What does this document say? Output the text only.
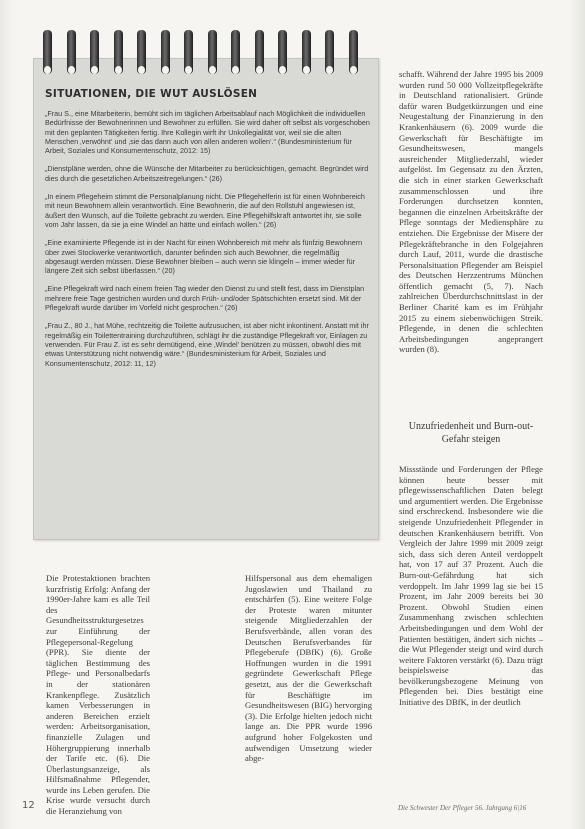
SITUATIONEN, DIE WUT AUSLÖSEN

„Frau S., eine Mitarbeiterin, bemüht sich im täglichen Arbeitsablauf nach Möglichkeit die individuellen Bedürfnisse der Bewohnerinnen und Bewohner zu erfüllen. Sie wird daher oft selbst als vorgeschoben mit den geplanten Tätigkeiten fertig. Ihre Kollegin wirft ihr Unkollegialität vor, weil sie die alten Menschen ‚verwöhnt‘ und ‚sie das dann auch von allen anderen wollen‘.“ (Bundesministerium für Arbeit, Soziales und Konsumentenschutz, 2012: 15)

„Dienstpläne werden, ohne die Wünsche der Mitarbeiter zu berücksichtigen, gemacht. Begründet wird dies durch die gesetzlichen Arbeitszeitregelungen.“ (26)

„In einem Pflegeheim stimmt die Personalplanung nicht. Die Pflegehelferin ist für einen Wohnbereich mit neun Bewohnern allein verantwortlich. Eine Bewohnerin, die auf den Rollstuhl angewiesen ist, äußert den Wunsch, auf die Toilette gebracht zu werden. Eine Pflegehilfskraft antwortet ihr, sie solle vom Jahr lassen, da sie ja eine Windel an hätte und einfach wollen.“ (26)

„Eine examinierte Pflegende ist in der Nacht für einen Wohnbereich mit mehr als fünfzig Bewohnern über zwei Stockwerke verantwortlich, darunter befinden sich auch Bewohner, die regelmäßig abgesaugt werden müssen. Diese Bewohner bleiben – auch wenn sie klingeln – immer wieder für längere Zeit sich selbst überlassen.“ (20)

„Eine Pflegekraft wird nach einem freien Tag wieder den Dienst zu und stellt fest, dass im Dienstplan mehrere freie Tage gestrichen wurden und durch Früh- und/oder Spätschichten ersetzt sind. Mit der Pflegekraft wurde darüber im Vorfeld nicht gesprochen.“ (26)

„Frau Z., 80 J., hat Mühe, rechtzeitig die Toilette aufzusuchen, ist aber nicht inkontinent. Anstatt mit ihr regelmäßig ein Toilettentraining durchzuführen, schlägt ihr die zuständige Pflegekraft vor, Einlagen zu verwenden. Für Frau Z. ist es sehr demütigend, eine ‚Windel‘ benützen zu müssen, obwohl dies mit etwas Unterstützung nicht notwendig wäre.“ (Bundesministerium für Arbeit, Soziales und Konsumentenschutz, 2012: 11, 12)

Die Protestaktionen brachten kurzfristig Erfolg: Anfang der 1990er-Jahre kam es alle Teil des Gesundheitsstrukturgesetzes zur Einführung der Pflegepersonal-Regelung (PPR). Sie diente der täglichen Bestimmung des Pflege- und Personalbedarfs in der stationären Krankenpflege. Zusätzlich kamen Verbesserungen in anderen Bereichen erzielt werden: Arbeitsorganisation, finanzielle Zulagen und Höhergruppierung innerhalb der Tarife etc. (6). Die Überlastungsanzeige, als Hilfsmaßnahme Pflegender, wurde ins Leben gerufen. Die Krise wurde versucht durch die Heranziehung von

Hilfspersonal aus dem ehemaligen Jugoslawien und Thailand zu entschärfen (5). Eine weitere Folge der Proteste waren mitunter steigende Mitgliederzahlen der Berufsverbände, allen voran des Deutschen Berufsverbandes für Pflegeberufe (DBfK) (6). Große Hoffnungen wurden in die 1991 gegründete Gewerkschaft Pflege gesetzt, aus der die Gewerkschaft für Beschäftigte im Gesundheitswesen (BIG) hervorging (3). Die Erfolge hielten jedoch nicht lange an. Die PPR wurde 1996 aufgrund hoher Folgekosten und aufwendigen Umsetzung wieder abge-

schafft. Während der Jahre 1995 bis 2009 wurden rund 50 000 Vollzeitpflegekräfte in Deutschland rationalisiert. Gründe dafür waren Budgetkürzungen und eine Neugestaltung der Finanzierung in den Krankenhäusern (6). 2009 wurde die Gewerkschaft für Beschäftigte im Gesundheitswesen, mangels ausreichender Mitgliederzahl, wieder aufgelöst. Im Gegensatz zu den Ärzten, die sich in einer starken Gewerkschaft zusammenschlossen und ihre Forderungen durchsetzen konnten, begannen die einzelnen Arbeitskräfte der Pflege sonntags der Mediensphäre zu entziehen. Die Ergebnisse der Misere der Pflegekräftebranche in den Folgejahren durch Lauf, 2011, wurde die drastische Personalsituation Pflegender am Beispiel des Deutschen Herzzentrums München öffentlich gemacht (5, 7). Nach zahlreichen Überdurchschnittslast in der Berliner Charité kam es im Frühjahr 2015 zu einem siebenwöchigen Streik. Pflegende, in denen die schlechten Arbeitsbedingungen angeprangert wurden (8).

Unzufriedenheit und Burn-out-Gefahr steigen

Missstände und Forderungen der Pflege können heute besser mit pflegewissenschaftlichen Daten belegt und argumentiert werden. Die Ergebnisse sind erschreckend. Insbesondere wie die steigende Unzufriedenheit Pflegender in deutschen Krankenhäusern betrifft. Von Vergleich der Jahre 1999 mit 2009 zeigt sich, dass sich deren Anteil verdoppelt hat, von 17 auf 37 Prozent. Auch die Burn-out-Gefährdung hat sich verdoppelt. Im Jahr 1999 lag sie bei 15 Prozent, im Jahr 2009 bereits bei 30 Prozent. Obwohl Studien einen Zusammenhang zwischen schlechten Arbeitsbedingungen und dem Wohl der Patienten bestätigen, ändert sich nichts – die Wut Pflegender steigt und wird durch weitere Faktoren verstärkt (6). Dazu trägt beispielsweise das bevölkerungsbezogene Meinung von Pflegenden bei. Dies bestätigt eine Initiative des DBfK, in der deutlich

12	Die Schwester Der Pfleger 56. Jahrgang 6|16
